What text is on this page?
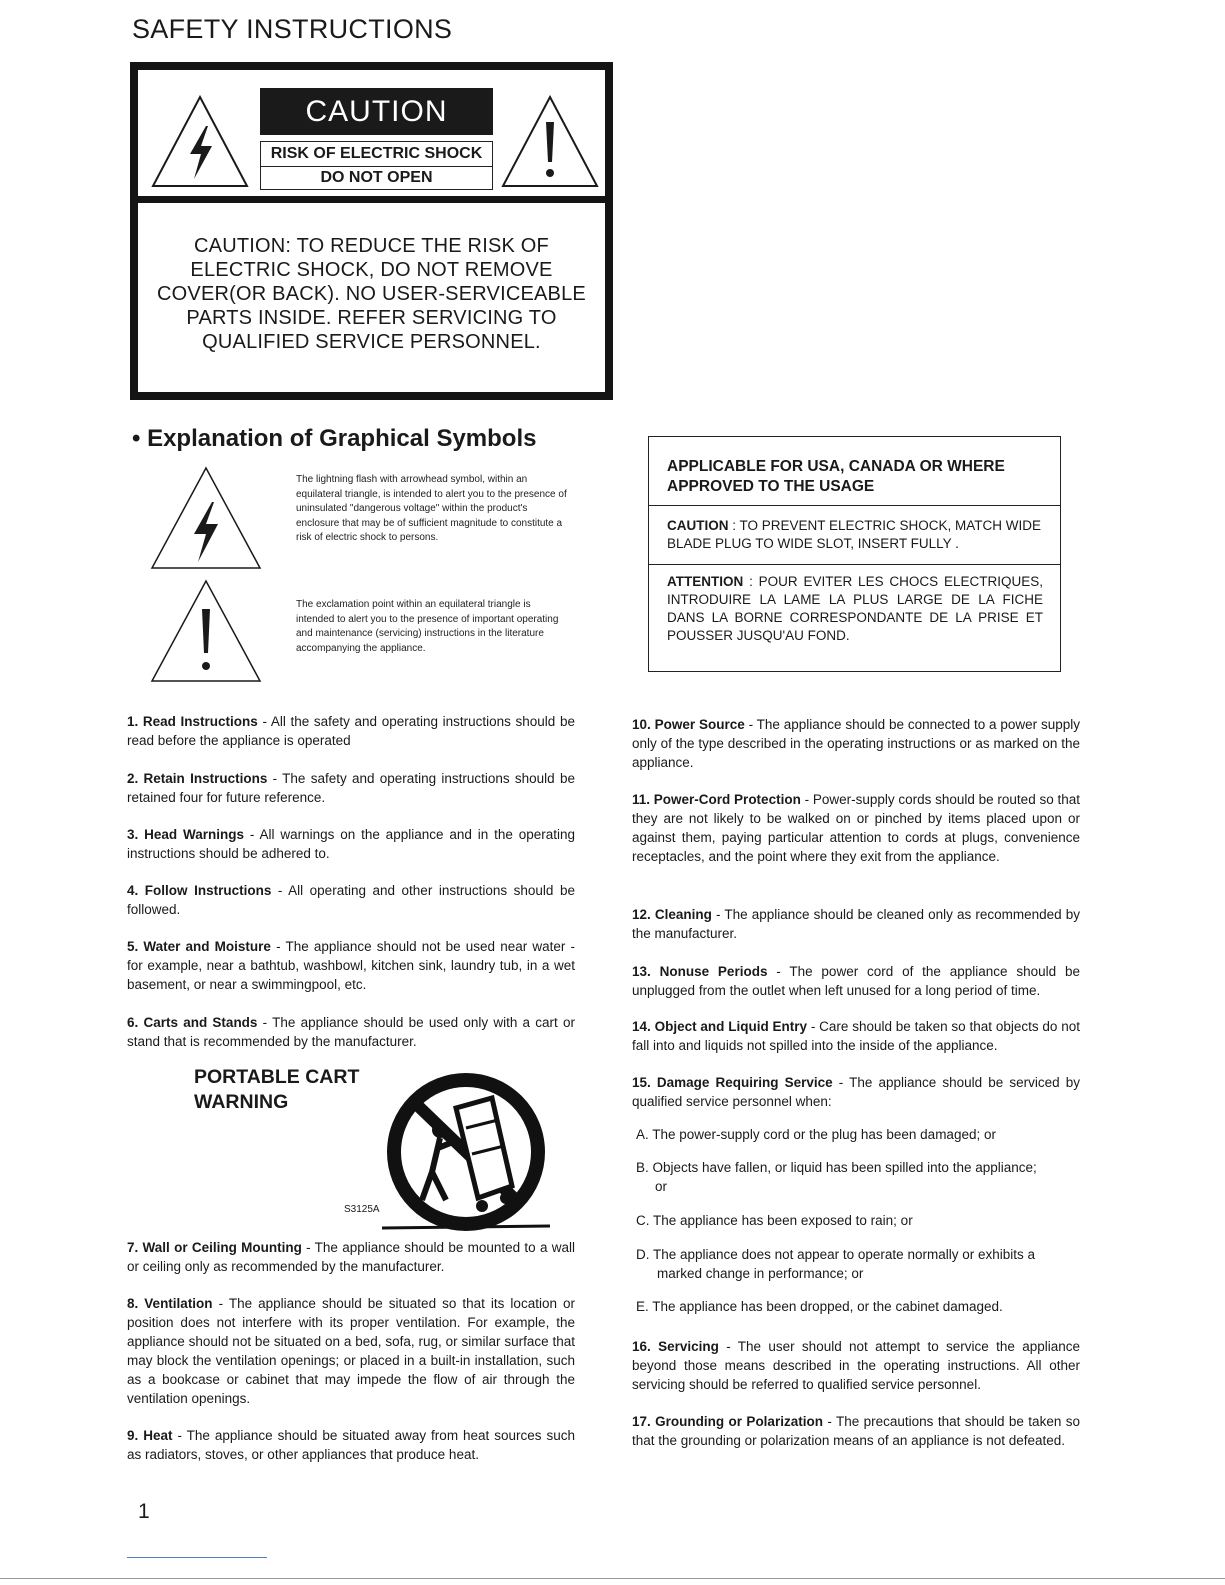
SAFETY INSTRUCTIONS
CAUTION
RISK OF ELECTRIC SHOCK
DO NOT OPEN
CAUTION: TO REDUCE THE RISK OF
ELECTRIC SHOCK, DO NOT REMOVE
COVER(OR BACK). NO USER-SERVICEABLE
PARTS INSIDE. REFER SERVICING TO
QUALIFIED SERVICE PERSONNEL.
• Explanation of Graphical Symbols
The lightning flash with arrowhead symbol, within an equilateral triangle, is intended to alert you to the presence of uninsulated "dangerous voltage" within the product's enclosure that may be of sufficient magnitude to constitute a risk of electric shock to persons.
The exclamation point within an equilateral triangle is intended to alert you to the presence of important operating and maintenance (servicing) instructions in the literature accompanying the appliance.
APPLICABLE FOR USA, CANADA OR WHERE APPROVED TO THE USAGE
CAUTION : TO PREVENT ELECTRIC SHOCK, MATCH WIDE BLADE PLUG TO WIDE SLOT, INSERT FULLY .
ATTENTION : POUR EVITER LES CHOCS ELECTRIQUES, INTRODUIRE LA LAME LA PLUS LARGE DE LA FICHE DANS LA BORNE CORRESPONDANTE DE LA PRISE ET POUSSER JUSQU'AU FOND.
1. Read Instructions - All the safety and operating instructions should be read before the appliance is operated
2. Retain Instructions - The safety and operating instructions should be retained four for future reference.
3. Head Warnings - All warnings on the appliance and in the operating instructions should be adhered to.
4. Follow Instructions - All operating and other instructions should be followed.
5. Water and Moisture - The appliance should not be used near water - for example, near a bathtub, washbowl, kitchen sink, laundry tub, in a wet basement, or near a swimmingpool, etc.
6. Carts and Stands - The appliance should be used only with a cart or stand that is recommended by the manufacturer.
7. Wall or Ceiling Mounting - The appliance should be mounted to a wall or ceiling only as recommended by the manufacturer.
8. Ventilation - The appliance should be situated so that its location or position does not interfere with its proper ventilation. For example, the appliance should not be situated on a bed, sofa, rug, or similar surface that may block the ventilation openings; or placed in a built-in installation, such as a bookcase or cabinet that may impede the flow of air through the ventilation openings.
9. Heat - The appliance should be situated away from heat sources such as radiators, stoves, or other appliances that produce heat.
PORTABLE CART
WARNING
S3125A
10. Power Source - The appliance should be connected to a power supply only of the type described in the operating instructions or as marked on the appliance.
11. Power-Cord Protection - Power-supply cords should be routed so that they are not likely to be walked on or pinched by items placed upon or against them, paying particular attention to cords at plugs, convenience receptacles, and the point where they exit from the appliance.
12. Cleaning - The appliance should be cleaned only as recommended by the manufacturer.
13. Nonuse Periods - The power cord of the appliance should be unplugged from the outlet when left unused for a long period of time.
14. Object and Liquid Entry - Care should be taken so that objects do not fall into and liquids not spilled into the inside of the appliance.
15. Damage Requiring Service - The appliance should be serviced by qualified service personnel when:
16. Servicing - The user should not attempt to service the appliance beyond those means described in the operating instructions. All other servicing should be referred to qualified service personnel.
17. Grounding or Polarization - The precautions that should be taken so that the grounding or polarization means of an appliance is not defeated.
A. The power-supply cord or the plug has been damaged; or
B. Objects have fallen, or liquid has been spilled into the appliance;
or
C. The appliance has been exposed to rain; or
D. The appliance does not appear to operate normally or exhibits a
marked change in performance; or
E. The appliance has been dropped, or the cabinet damaged.
1
